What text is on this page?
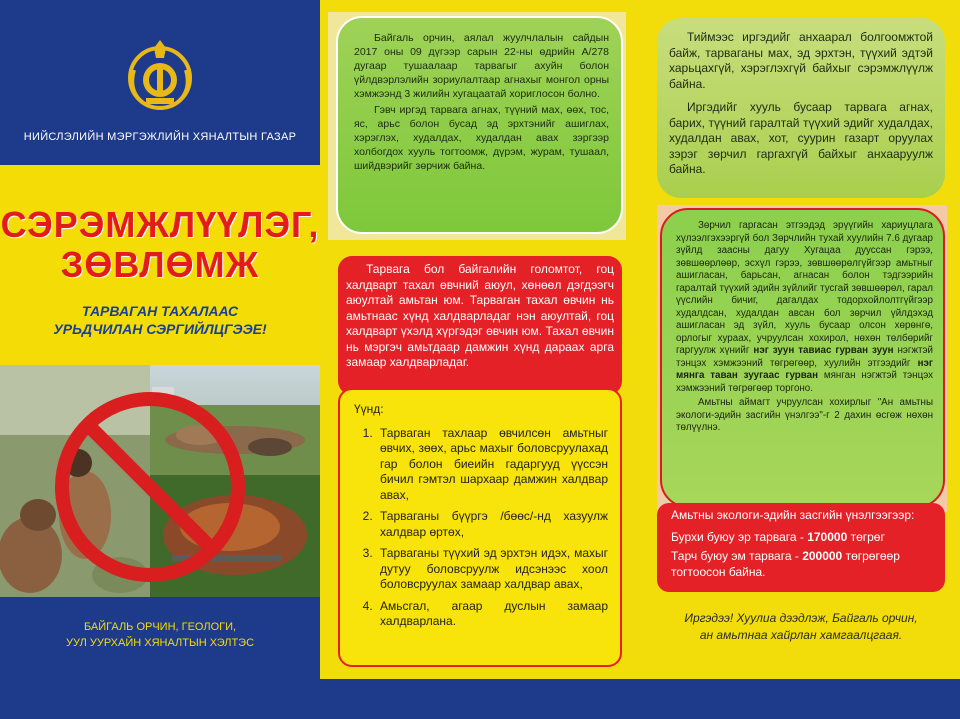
НИЙСЛЭЛИЙН МЭРГЭЖЛИЙН ХЯНАЛТЫН ГАЗАР
СЭРЭМЖЛҮҮЛЭГ,
ЗӨВЛӨМЖ
ТАРВАГАН ТАХАЛААС
УРЬДЧИЛАН СЭРГИЙЛЦГЭЭЕ!
БАЙГАЛЬ ОРЧИН, ГЕОЛОГИ,
УУЛ УУРХАЙН ХЯНАЛТЫН ХЭЛТЭС

Байгаль орчин, аялал жуулчлалын сайдын 2017 оны 09 дүгээр сарын 22-ны өдрийн А/278 дугаар тушаалаар тарвагыг ахуйн болон үйлдвэрлэлийн зориулалтаар агнахыг монгол орны хэмжээнд 3 жилийн хугацаатай хориглосон болно.

Гэвч иргэд тарвага агнах, түүний мах, өөх, тос, яс, арьс болон бусад эд эрхтэнийг ашиглах, хэрэглэх, худалдах, худалдан авах зэргээр холбогдох хууль тогтоомж, дүрэм, журам, тушаал, шийдвэрийг зөрчиж байна.

Тарвага бол байгалийн голомтот, гоц халдварт тахал өвчний аюул, хөнөөл дэгдээгч аюултай амьтан юм. Тарваган тахал өвчин нь амьтнаас хүнд халдварладаг нэн аюултай, гоц халдварт үхэлд хүргэдэг өвчин юм. Тахал өвчин нь мэргэч амьтдаар дамжин хүнд дараах арга замаар халдварладаг.

Үүнд:

1. Тарваган тахлаар өвчилсөн амьтныг өвчих, зөөх, арьс махыг боловсруулахад гар болон биеийн гадаргууд үүссэн бичил гэмтэл шархаар дамжин халдвар авах,
2. Тарваганы бүүргэ /бөөс/-нд хазуулж халдвар өртөх,
3. Тарваганы түүхий эд эрхтэн идэх, махыг дутуу боловсруулж идсэнээс хоол боловсруулах замаар халдвар авах,
4. Амьсгал, агаар дуслын замаар халдварлана.

Тиймээс иргэдийг анхаарал болгоомжтой байж, тарваганы мах, эд эрхтэн, түүхий эдтэй харьцахгүй, хэрэглэхгүй байхыг сэрэмжлүүлж байна.

Иргэдийг хууль бусаар тарвага агнах, барих, түүний гаралтай түүхий эдийг худалдах, худалдан авах, хот, суурин газарт оруулах зэрэг зөрчил гаргахгүй байхыг анхааруулж байна.

Зөрчил гаргасан этгээдэд эрүүгийн хариуцлага хүлээлгэхээргүй бол Зөрчлийн тухай хуулийн 7.6 дугаар зүйлд заасны дагуу Хугацаа дууссан гэрээ, зөвшөөрлөөр, эсхүл гэрээ, зөвшөөрөлгүйгээр амьтныг ашигласан, барьсан, агнасан болон тэдгээрийн гаралтай түүхий эдийн зүйлийг тусгай зөвшөөрөл, гарал үүслийн бичиг, дагалдах тодорхойлолтгүйгээр худалдсан, худалдан авсан бол зөрчил үйлдэхэд ашигласан эд зүйл, хууль бусаар олсон хөрөнгө, орлогыг хураах, учруулсан хохирол, нөхөн төлбөрийг гаргуулж хүнийг нэг зуун тавиас гурван зуун нэгжтэй тэнцэх хэмжээний төгрөгөөр, хуулийн этгээдийг нэг мянга таван зуугаас гурван мянган нэгжтэй тэнцэх хэмжээний төгрөгөөр торгоно.

Амьтны аймагт учруулсан хохирлыг "Ан амьтны экологи-эдийн засгийн үнэлгээ"-г 2 дахин өсгөж нөхөн төлүүлнэ.

Амьтны экологи-эдийн засгийн үнэлгээгээр:

Бурхи буюу эр тарвага - 170000 төгрөг

Тарч буюу эм тарвага - 200000 төгрөгөөр тогтоосон байна.

Иргэдээ! Хуулиа дээдлэж, Байгаль орчин,
ан амьтнаа хайрлан хамгаалцгаая.
